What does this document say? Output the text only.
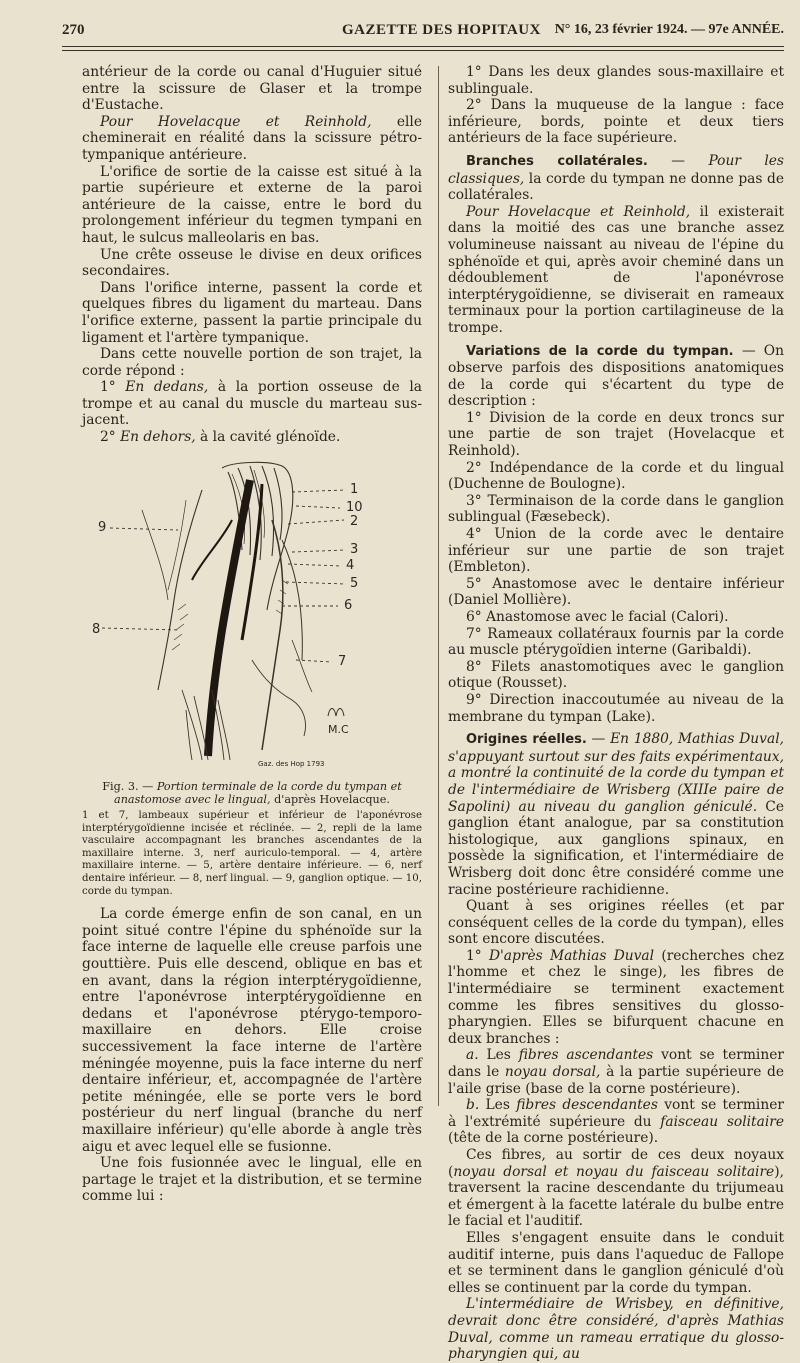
270	GAZETTE DES HOPITAUX N° 16, 23 février 1924. — 97e ANNÉE.

antérieur de la corde ou canal d'Huguier situé entre la scissure de Glaser et la trompe d'Eustache.

Pour Hovelacque et Reinhold, elle cheminerait en réalité dans la scissure pétro-tympanique antérieure.

L'orifice de sortie de la caisse est situé à la partie supérieure et externe de la paroi antérieure de la caisse, entre le bord du prolongement inférieur du tegmen tympani en haut, le sulcus malleolaris en bas.

Une crête osseuse le divise en deux orifices secondaires.

Dans l'orifice interne, passent la corde et quelques fibres du ligament du marteau. Dans l'orifice externe, passent la partie principale du ligament et l'artère tympanique.

Dans cette nouvelle portion de son trajet, la corde répond :

1° En dedans, à la portion osseuse de la trompe et au canal du muscle du marteau sus-jacent.

2° En dehors, à la cavité glénoïde.

1
10
2
3
4
5
6
7
8
9
M.C
Gaz. des Hop 1793
Fig. 3. — Portion terminale de la corde du tympan et anastomose avec le lingual, d'après Hovelacque.
1 et 7, lambeaux supérieur et inférieur de l'aponévrose interptérygoïdienne incisée et réclinée. — 2, repli de la lame vasculaire accompagnant les branches ascendantes de la maxillaire interne. 3, nerf auriculo-temporal. — 4, artère maxillaire interne. — 5, artère dentaire inférieure. — 6, nerf dentaire inférieur. — 8, nerf lingual. — 9, ganglion optique. — 10, corde du tympan.

La corde émerge enfin de son canal, en un point situé contre l'épine du sphénoïde sur la face interne de laquelle elle creuse parfois une gouttière. Puis elle descend, oblique en bas et en avant, dans la région interptérygoïdienne, entre l'aponévrose interptérygoïdienne en dedans et l'aponévrose ptérygo-temporo-maxillaire en dehors. Elle croise successivement la face interne de l'artère méningée moyenne, puis la face interne du nerf dentaire inférieur, et, accompagnée de l'artère petite méningée, elle se porte vers le bord postérieur du nerf lingual (branche du nerf maxillaire inférieur) qu'elle aborde à angle très aigu et avec lequel elle se fusionne.

Une fois fusionnée avec le lingual, elle en partage le trajet et la distribution, et se termine comme lui :

1° Dans les deux glandes sous-maxillaire et sublinguale.

2° Dans la muqueuse de la langue : face inférieure, bords, pointe et deux tiers antérieurs de la face supérieure.

Branches collatérales. — Pour les classiques, la corde du tympan ne donne pas de collatérales.

Pour Hovelacque et Reinhold, il existerait dans la moitié des cas une branche assez volumineuse naissant au niveau de l'épine du sphénoïde et qui, après avoir cheminé dans un dédoublement de l'aponévrose interptérygoïdienne, se diviserait en rameaux terminaux pour la portion cartilagineuse de la trompe.

Variations de la corde du tympan. — On observe parfois des dispositions anatomiques de la corde qui s'écartent du type de description :

1° Division de la corde en deux troncs sur une partie de son trajet (Hovelacque et Reinhold).

2° Indépendance de la corde et du lingual (Duchenne de Boulogne).

3° Terminaison de la corde dans le ganglion sublingual (Fæsebeck).

4° Union de la corde avec le dentaire inférieur sur une partie de son trajet (Embleton).

5° Anastomose avec le dentaire inférieur (Daniel Mollière).

6° Anastomose avec le facial (Calori).

7° Rameaux collatéraux fournis par la corde au muscle ptérygoïdien interne (Garibaldi).

8° Filets anastomotiques avec le ganglion otique (Rousset).

9° Direction inaccoutumée au niveau de la membrane du tympan (Lake).

Origines réelles. — En 1880, Mathias Duval, s'appuyant surtout sur des faits expérimentaux, a montré la continuité de la corde du tympan et de l'intermédiaire de Wrisberg (XIIIe paire de Sapolini) au niveau du ganglion géniculé. Ce ganglion étant analogue, par sa constitution histologique, aux ganglions spinaux, en possède la signification, et l'intermédiaire de Wrisberg doit donc être considéré comme une racine postérieure rachidienne.

Quant à ses origines réelles (et par conséquent celles de la corde du tympan), elles sont encore discutées.

1° D'après Mathias Duval (recherches chez l'homme et chez le singe), les fibres de l'intermédiaire se terminent exactement comme les fibres sensitives du glosso-pharyngien. Elles se bifurquent chacune en deux branches :

a. Les fibres ascendantes vont se terminer dans le noyau dorsal, à la partie supérieure de l'aile grise (base de la corne postérieure).

b. Les fibres descendantes vont se terminer à l'extrémité supérieure du faisceau solitaire (tête de la corne postérieure).

Ces fibres, au sortir de ces deux noyaux (noyau dorsal et noyau du faisceau solitaire), traversent la racine descendante du trijumeau et émergent à la facette latérale du bulbe entre le facial et l'auditif.

Elles s'engagent ensuite dans le conduit auditif interne, puis dans l'aqueduc de Fallope et se terminent dans le ganglion géniculé d'où elles se continuent par la corde du tympan.

L'intermédiaire de Wrisbey, en définitive, devrait donc être considéré, d'après Mathias Duval, comme un rameau erratique du glosso-pharyngien qui, au
